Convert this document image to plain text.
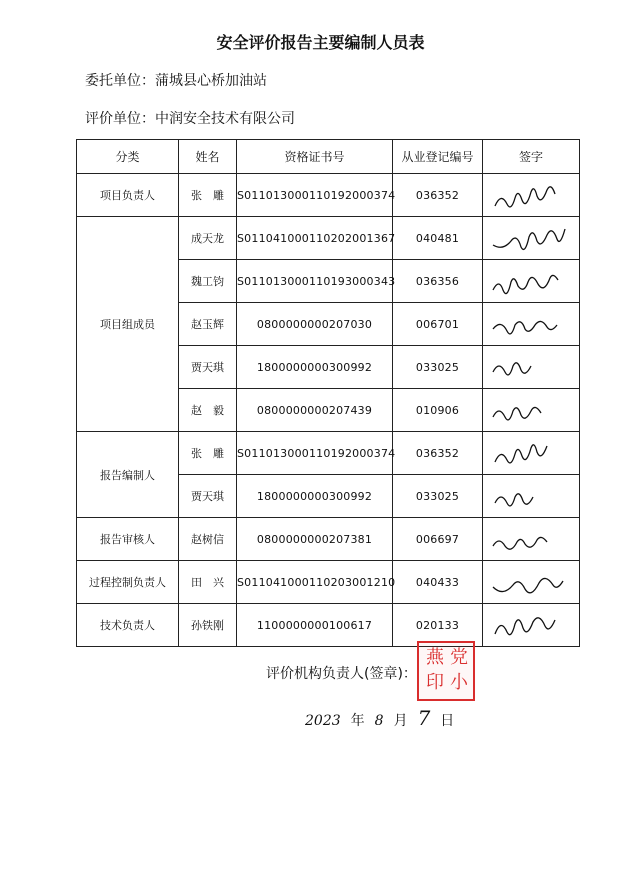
安全评价报告主要编制人员表
委托单位：蒲城县心桥加油站
评价单位：中润安全技术有限公司
分类	姓名	资格证书号	从业登记编号	签字
项目负责人	张　雕	S011013000110192000374	036352	

项目组成员	成天龙	S011041000110202001367	040481	

	魏工钧	S011013000110193000343	036356	

	赵玉辉	0800000000207030	006701	

	贾天琪	1800000000300992	033025	

	赵　毅	0800000000207439	010906	

报告编制人	张　雕	S011013000110192000374	036352	

	贾天琪	1800000000300992	033025	

报告审核人	赵树信	0800000000207381	006697	

过程控制负责人	田　兴	S011041000110203001210	040433	

技术负责人	孙铁刚	1100000000100617	020133	
评价机构负责人(签章)：
党
小
燕
印
2023 年 8 月 7 日
